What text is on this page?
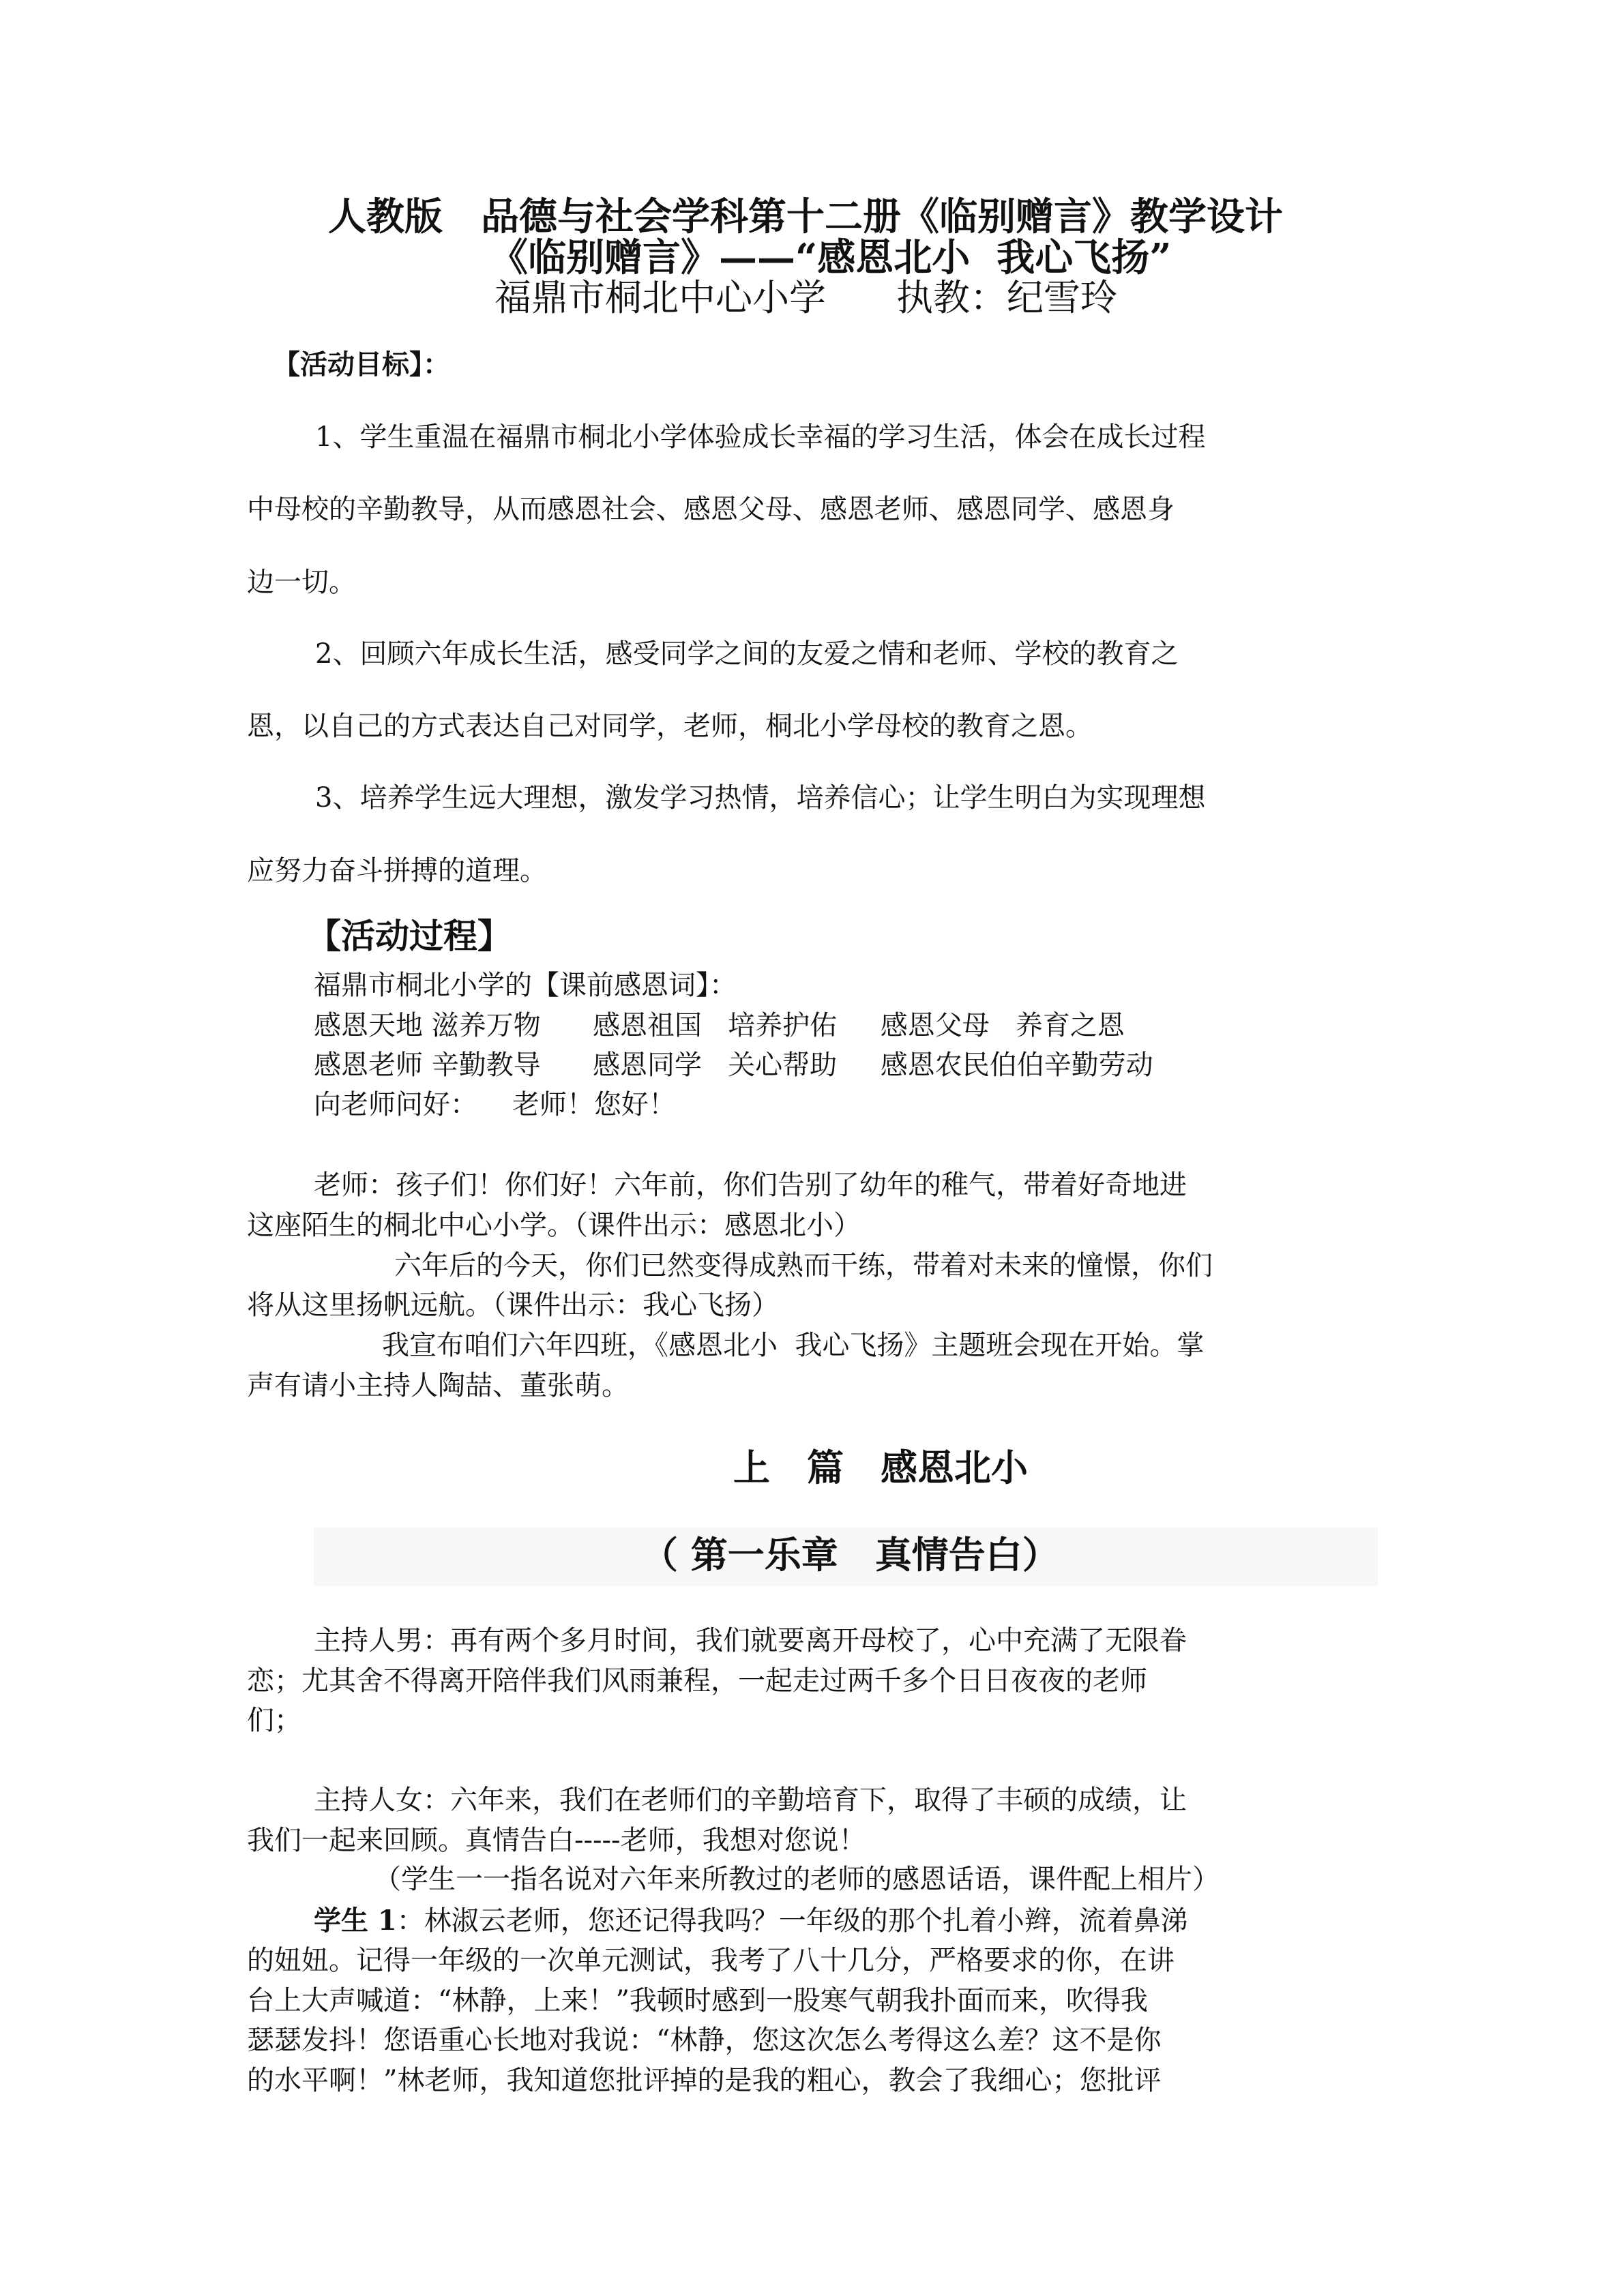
人教版　品德与社会学科第十二册《临别赠言》教学设计
《临别赠言》——“感恩北小  我心飞扬”
福鼎市桐北中心小学      执教：纪雪玲
【活动目标】：
1、学生重温在福鼎市桐北小学体验成长幸福的学习生活，体会在成长过程
中母校的辛勤教导，从而感恩社会、感恩父母、感恩老师、感恩同学、感恩身
边一切。
2、回顾六年成长生活，感受同学之间的友爱之情和老师、学校的教育之
恩，以自己的方式表达自己对同学，老师，桐北小学母校的教育之恩。
3、培养学生远大理想，激发学习热情，培养信心；让学生明白为实现理想
应努力奋斗拼搏的道理。
【活动过程】
福鼎市桐北小学的【课前感恩词】：
感恩天地 滋养万物      感恩祖国   培养护佑     感恩父母   养育之恩
感恩老师 辛勤教导      感恩同学   关心帮助     感恩农民伯伯辛勤劳动
向老师问好：    老师！您好！
老师：孩子们！你们好！六年前，你们告别了幼年的稚气，带着好奇地进
这座陌生的桐北中心小学。（课件出示：感恩北小）
六年后的今天，你们已然变得成熟而干练，带着对未来的憧憬，你们
将从这里扬帆远航。（课件出示：我心飞扬）
我宣布咱们六年四班，《感恩北小  我心飞扬》主题班会现在开始。掌
声有请小主持人陶喆、董张萌。
上　篇　感恩北小
（ 第一乐章　真情告白）
主持人男：再有两个多月时间，我们就要离开母校了，心中充满了无限眷
恋；尤其舍不得离开陪伴我们风雨兼程，一起走过两千多个日日夜夜的老师
们；
主持人女：六年来，我们在老师们的辛勤培育下，取得了丰硕的成绩，让
我们一起来回顾。真情告白-----老师，我想对您说！
（学生一一指名说对六年来所教过的老师的感恩话语，课件配上相片）
学生 1：林淑云老师，您还记得我吗？一年级的那个扎着小辫，流着鼻涕
的妞妞。记得一年级的一次单元测试，我考了八十几分，严格要求的你，在讲
台上大声喊道：“林静，上来！”我顿时感到一股寒气朝我扑面而来，吹得我
瑟瑟发抖！您语重心长地对我说：“林静，您这次怎么考得这么差？这不是你
的水平啊！”林老师，我知道您批评掉的是我的粗心，教会了我细心；您批评
